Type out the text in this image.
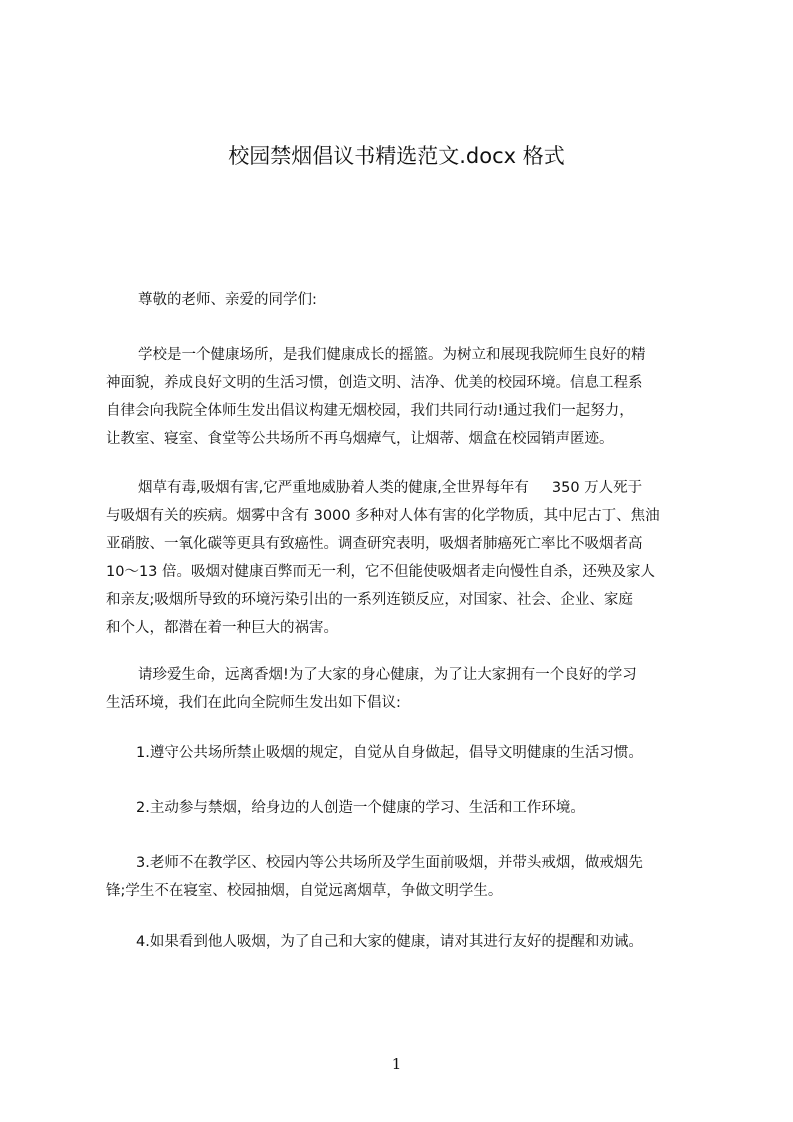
校园禁烟倡议书精选范文.docx 格式
尊敬的老师、亲爱的同学们:
学校是一个健康场所，是我们健康成长的摇篮。为树立和展现我院师生良好的精
神面貌，养成良好文明的生活习惯，创造文明、洁净、优美的校园环境。信息工程系
自律会向我院全体师生发出倡议构建无烟校园，我们共同行动!通过我们一起努力，
让教室、寝室、食堂等公共场所不再乌烟瘴气，让烟蒂、烟盒在校园销声匿迹。
烟草有毒,吸烟有害,它严重地威胁着人类的健康,全世界每年有     350 万人死于
与吸烟有关的疾病。烟雾中含有 3000 多种对人体有害的化学物质，其中尼古丁、焦油
亚硝胺、一氧化碳等更具有致癌性。调查研究表明，吸烟者肺癌死亡率比不吸烟者高
10～13 倍。吸烟对健康百弊而无一利，它不但能使吸烟者走向慢性自杀，还殃及家人
和亲友;吸烟所导致的环境污染引出的一系列连锁反应，对国家、社会、企业、家庭
和个人，都潜在着一种巨大的祸害。
请珍爱生命，远离香烟!为了大家的身心健康，为了让大家拥有一个良好的学习
生活环境，我们在此向全院师生发出如下倡议:
1.遵守公共场所禁止吸烟的规定，自觉从自身做起，倡导文明健康的生活习惯。
2.主动参与禁烟，给身边的人创造一个健康的学习、生活和工作环境。
3.老师不在教学区、校园内等公共场所及学生面前吸烟，并带头戒烟，做戒烟先
锋;学生不在寝室、校园抽烟，自觉远离烟草，争做文明学生。
4.如果看到他人吸烟，为了自己和大家的健康，请对其进行友好的提醒和劝诫。
1
